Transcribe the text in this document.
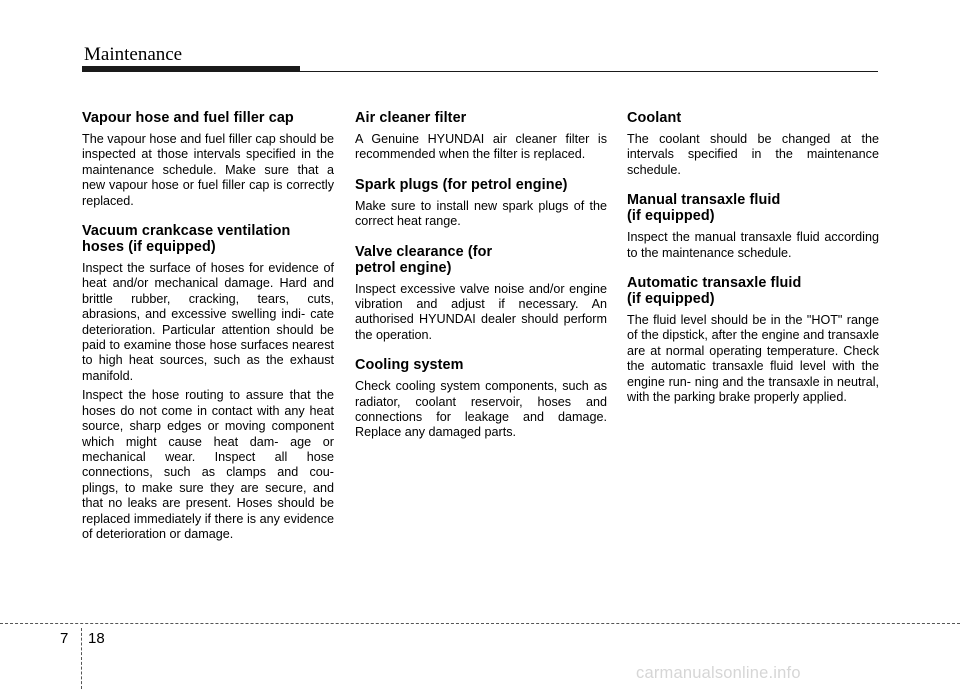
Maintenance
Vapour hose and fuel filler cap

The vapour hose and fuel filler cap should be inspected at those intervals specified in the maintenance schedule. Make sure that a new vapour hose or fuel filler cap is correctly replaced.

Vacuum crankcase ventilation hoses (if equipped)

Inspect the surface of hoses for evidence of heat and/or mechanical damage. Hard and brittle rubber, cracking, tears, cuts, abrasions, and excessive swelling indi- cate deterioration. Particular attention should be paid to examine those hose surfaces nearest to high heat sources, such as the exhaust manifold.

Inspect the hose routing to assure that the hoses do not come in contact with any heat source, sharp edges or moving component which might cause heat dam- age or mechanical wear. Inspect all hose connections, such as clamps and cou- plings, to make sure they are secure, and that no leaks are present. Hoses should be replaced immediately if there is any evidence of deterioration or damage.

Air cleaner filter

A Genuine HYUNDAI air cleaner filter is recommended when the filter is replaced.

Spark plugs (for petrol engine)

Make sure to install new spark plugs of the correct heat range.

Valve clearance (for petrol engine)

Inspect excessive valve noise and/or engine vibration and adjust if necessary. An authorised HYUNDAI dealer should perform the operation.

Cooling system

Check cooling system components, such as radiator, coolant reservoir, hoses and connections for leakage and damage. Replace any damaged parts.

Coolant

The coolant should be changed at the intervals specified in the maintenance schedule.

Manual transaxle fluid (if equipped)

Inspect the manual transaxle fluid according to the maintenance schedule.

Automatic transaxle fluid (if equipped)

The fluid level should be in the "HOT" range of the dipstick, after the engine and transaxle are at normal operating temperature. Check the automatic transaxle fluid level with the engine run- ning and the transaxle in neutral, with the parking brake properly applied.

7 18
carmanualsonline.info
